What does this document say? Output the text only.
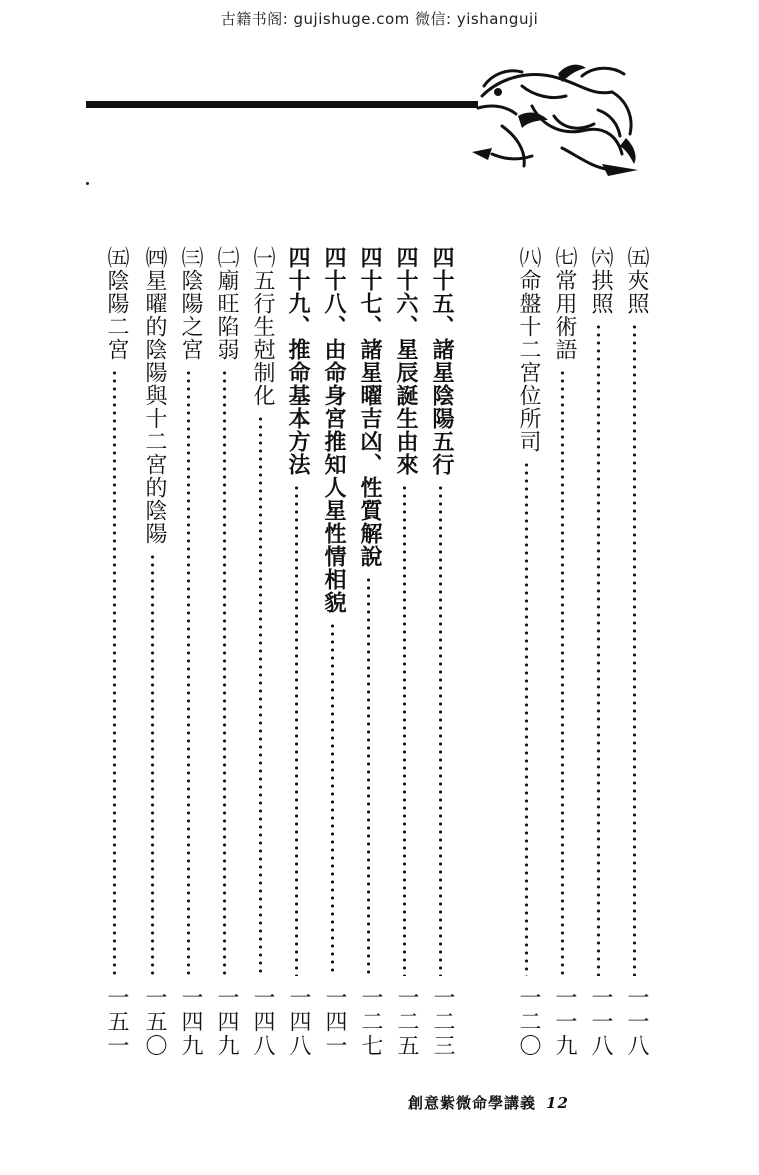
古籍书阁: gujishuge.com 微信: yishanguji
㈤夾照
一一八
㈥拱照
一一八
㈦常用術語
一一九
㈧命盤十二宮位所司
一二〇
四十五、諸星陰陽五行
一二三
四十六、星辰誕生由來
一二五
四十七、諸星曜吉凶、性質解說
一二七
四十八、由命身宮推知人星性情相貌
一四一
四十九、推命基本方法
一四八
㈠五行生尅制化
一四八
㈡廟旺陷弱
一四九
㈢陰陽之宮
一四九
㈣星曜的陰陽與十二宮的陰陽
一五〇
㈤陰陽二宮
一五一
創意紫微命學講義 12
